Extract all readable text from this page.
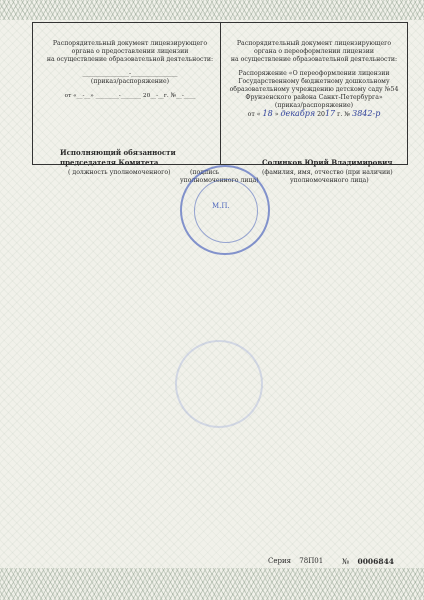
Распорядительный документ лицензирующего
органа о предоставлении лицензии
на осуществление образовательной деятельности:
_______________-_______________
(приказ/распоряжение)
от «__-__» ________-_______ 20__-__г. №__-____
Распорядительный документ лицензирующего
органа о переоформлении лицензии
на осуществление образовательной деятельности:
Распоряжение «О переоформлении лицензии
Государственному бюджетному дошкольному
образовательному учреждению детскому саду №54
Фрунзенского района Санкт-Петербурга»
(приказ/распоряжение)
от « 18 » декабря 2017 г. № 3842-р
Исполняющий обязанности
председателя Комитета
( должность уполномоченного)	(подпись
уполномоченного лица)
Солинков Юрий Владимирович
(фамилия, имя, отчество (при наличии)
уполномоченного лица)
М.П.
Серия 78П01	№ 0006844
